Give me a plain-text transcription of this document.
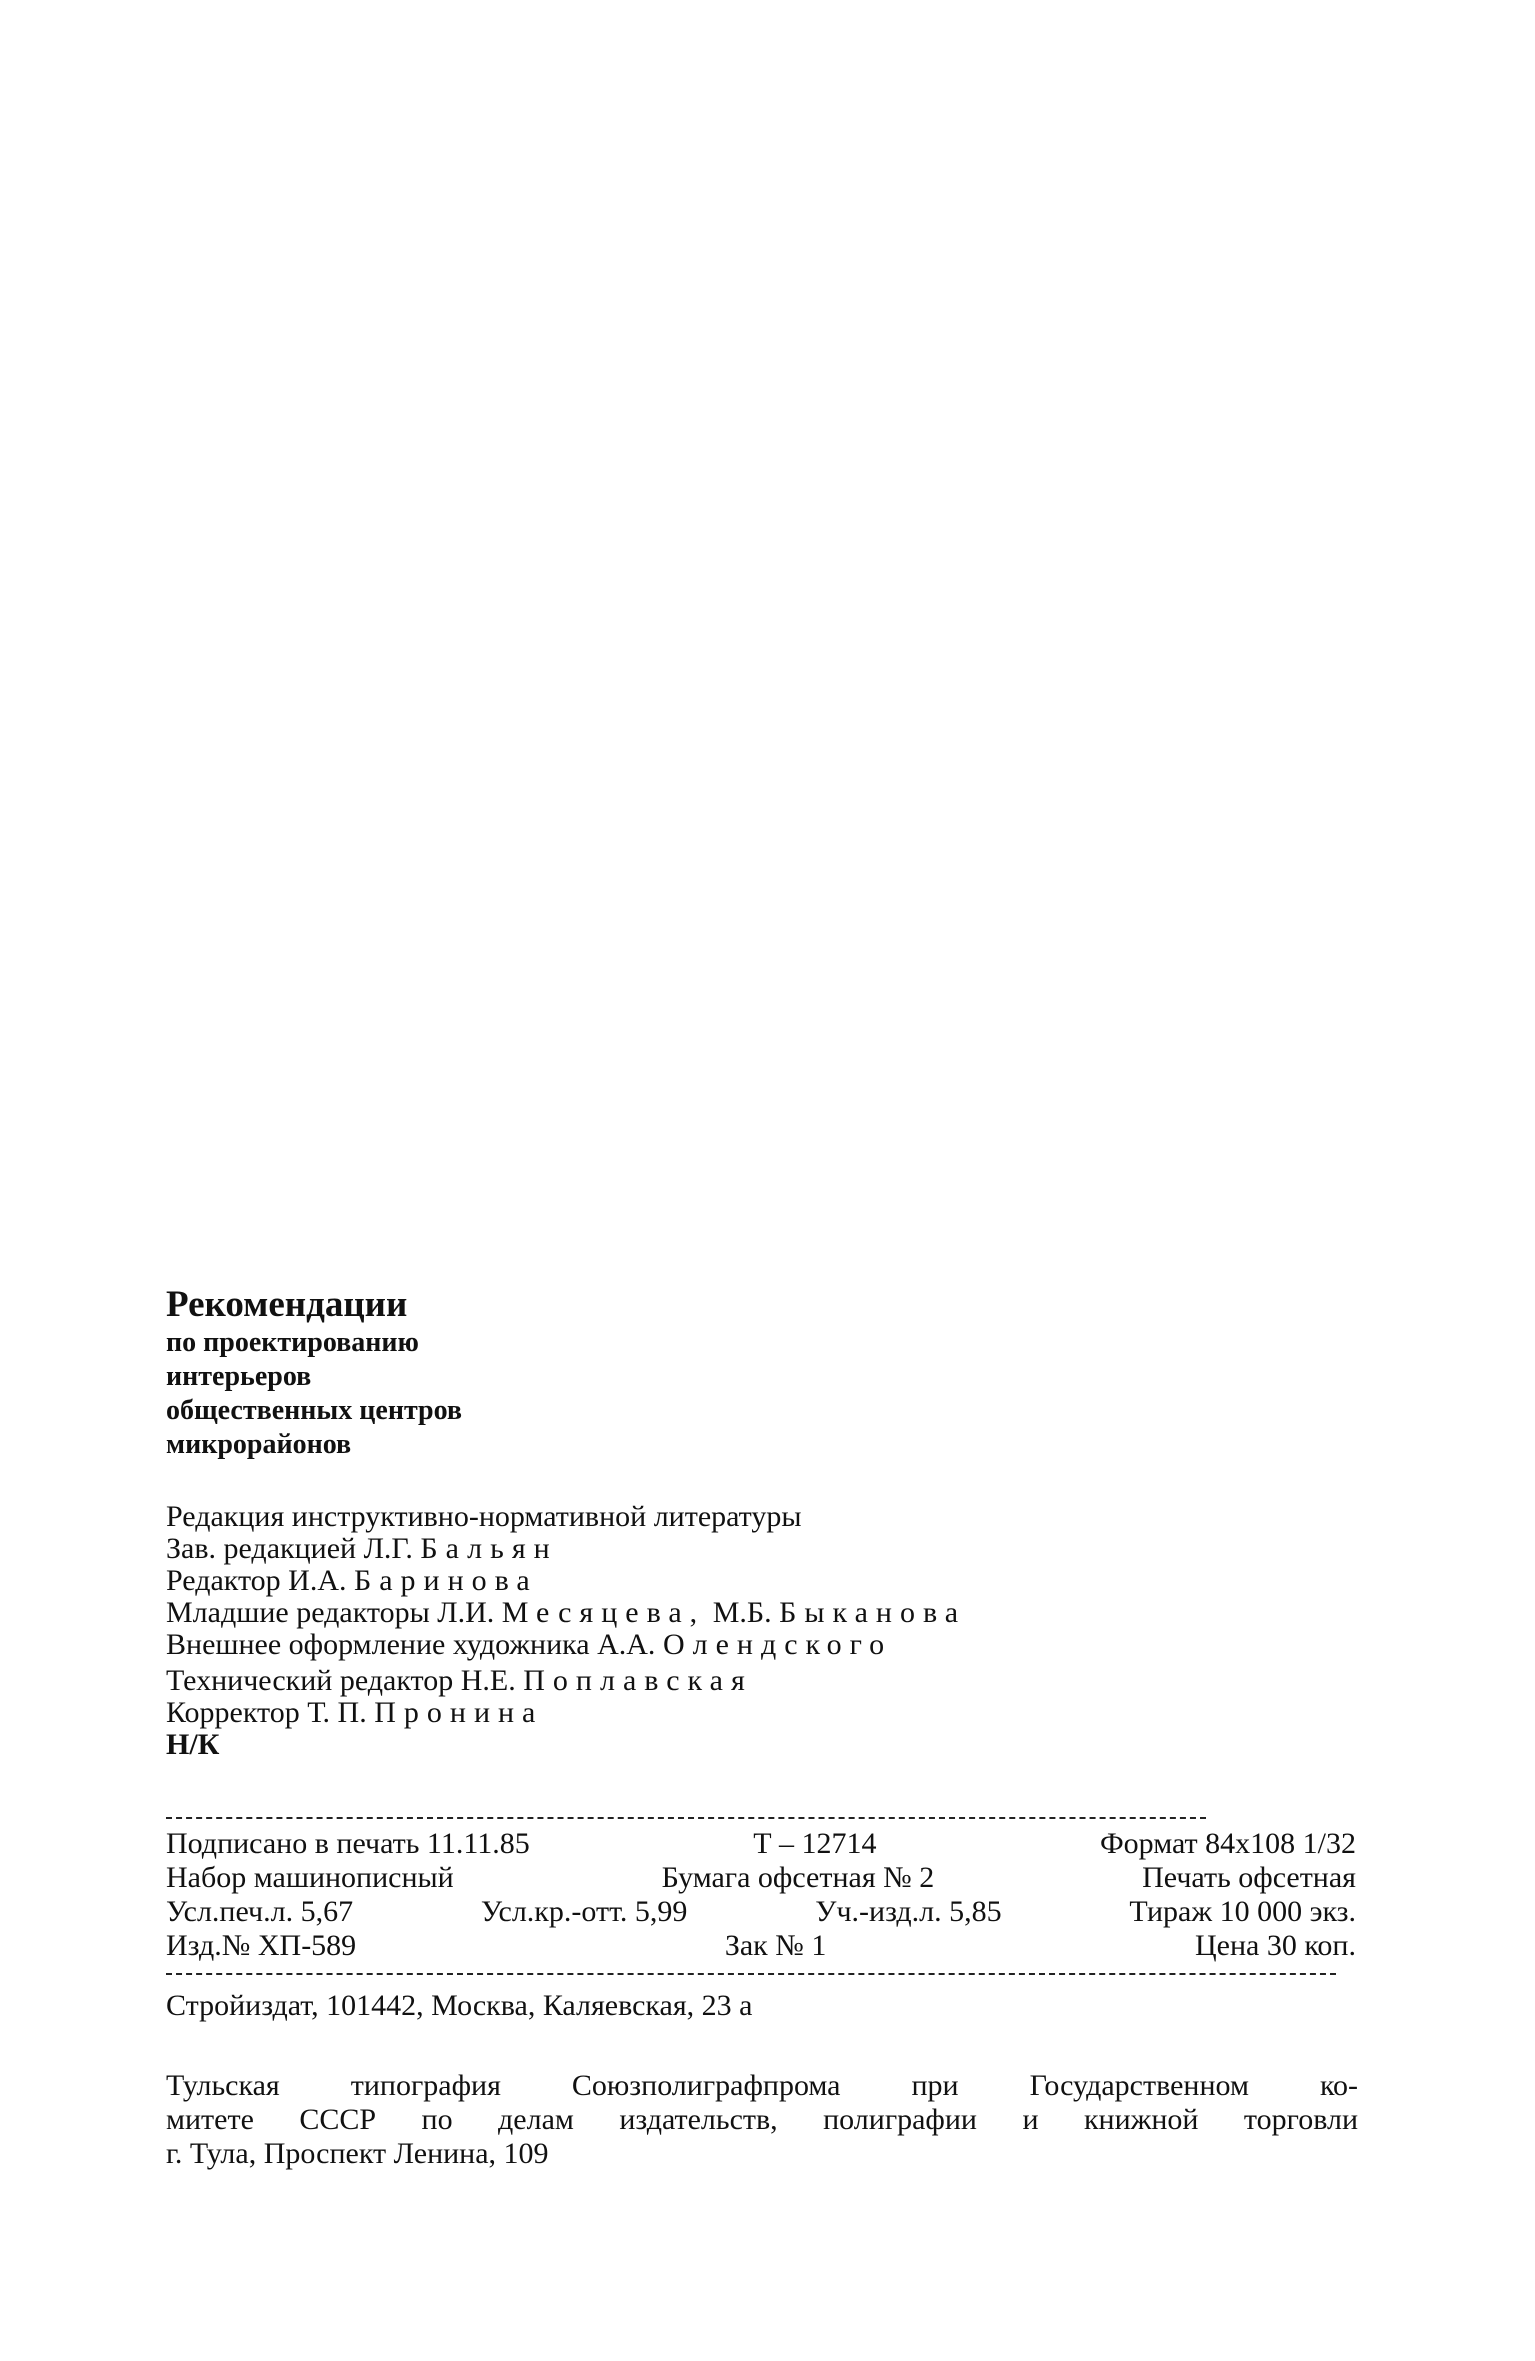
Рекомендации
по проектированию
интерьеров
общественных центров
микрорайонов
Редакция инструктивно-нормативной литературы
Зав. редакцией Л.Г. Бальян
Редактор И.А. Баринова
Младшие редакторы Л.И. Месяцева, М.Б. Быканова
Внешнее оформление художника А.А. Олендского
Технический редактор Н.Е. Поплавская
Корректор Т. П. Пронина
Н/К
Подписано в печать 11.11.85	Т – 12714	Формат 84х108 1/32
Набор машинописный	Бумага офсетная № 2	Печать офсетная
Усл.печ.л. 5,67	Усл.кр.-отт. 5,99	Уч.-изд.л. 5,85	Тираж 10 000 экз.
Изд.№ ХП-589	Зак № 1	Цена 30 коп.
Стройиздат, 101442, Москва, Каляевская, 23 а
Тульская типография Союзполиграфпрома при Государственном ко-
митете СССР по делам издательств, полиграфии и книжной торговли
г. Тула, Проспект Ленина, 109
